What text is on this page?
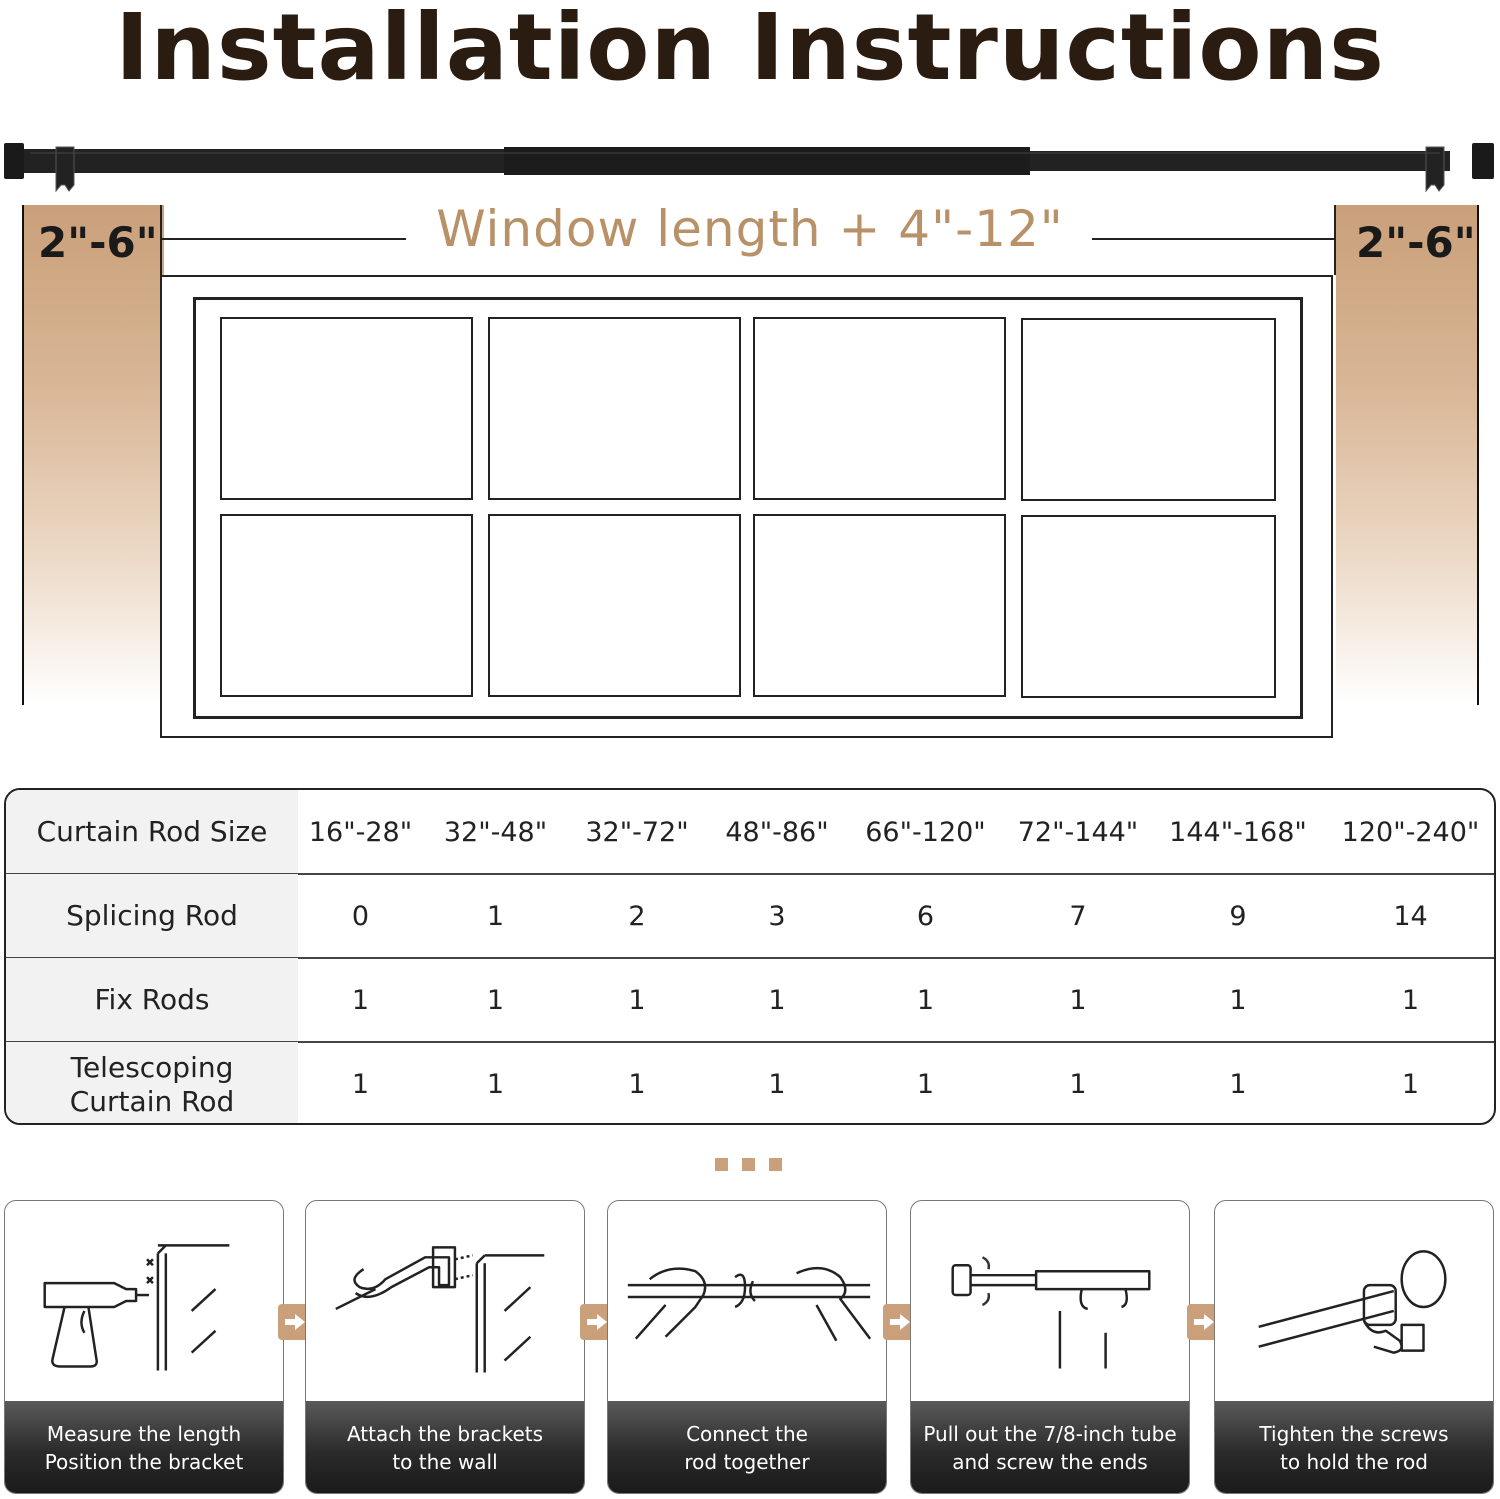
Installation Instructions
2"-6"	2"-6"
Window length + 4"-12"
Curtain Rod Size	16"-28"	32"-48"	32"-72"	48"-86"	66"-120"	72"-144"	144"-168"	120"-240"
Splicing Rod	0	1	2	3	6	7	9	14
Fix Rods	1	1	1	1	1	1	1	1
Telescoping
Curtain Rod	1	1	1	1	1	1	1	1
Measure the length
Position the bracket
Attach the brackets
to the wall
Connect the
rod together
Pull out the 7/8-inch tube
and screw the ends
Tighten the screws
to hold the rod
